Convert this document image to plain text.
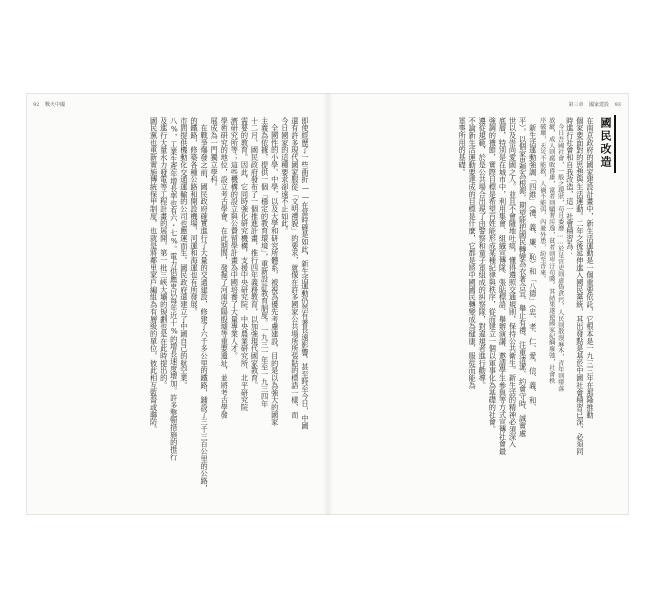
92 戰火中國
即使經歷了一些曲折——在當時確是如此，新生活運動仍然有著長遠影響。甚至時至今日，中國
還有許多現代國家服從「文明禮貌」的要求，就像在許多國家公共場所所張貼的標語一樣，而
今日國家的這種要求卻遠不止如此。
　全國性的小學、中學，以及大學和研究所體系，被視為優先考慮建設，目的是以為強大的國家
主義為依據，提供一個「穩定的教育環境」，重新設計教育制度。一九三一年至一九三四年
十二月，國民政府發布了一個推進計畫，推行四年義務教育，以加強現代國家教育。
需要的教育。因此，它同時強化研究機構，支援中央研究院、中央農業研究所、北平研究院
濟研究所等；這些機構的設立與公費留學計畫為中國培養了大量專業人才。
學術研究的地位，設立考古學會。在此期間，發掘了河南安陽殷墟等重要遺址，並將考古學發
展成為一門獨立學科。
　在戰爭爆發之前，國民政府確實進行了大量的交通建設，修建了六千多公里的鐵路，鋪設了三千三百公里的公路，
的鐵路，修築各種公路和開設機場，河運和海運也有所發展。
市間提供機動化交通運輸的公司也應運而生。國民政府還建立了中國自己的航空業。
八%，工業生產年增長率也有六・七%。電力供應更以每年近十%的增長速度增加。許多整頓措施的推行
及進行大量水力發電等工程計畫的展開，第一批三峽大壩的規劃也是在此時提出的。
國民黨也重新實施傳統保甲制度，也就是將鄰里家戶編組為有層級的單位，彼此相互監督或聯防。
第三章 國家建設 93
國民改造
在南京政府的國家建設計畫中，新生活運動是一個重要依託，它根本是一九三三年在那隆推動
個家要面對的思想與生活運動。二年之後延伸進入國民黨統，其出發點是基於中國社會積習已深，必須同
時進行社會和自我改造，這一社會積習為：
　今日吾國社會，一般之現狀，苟且委靡……於是官吏則虛偽貪污，人民則散漫麻木，青年則墮落
放縱，成人則腐敗昏庸，富者則驕奢淫逸，貧者則卑汙苟賤。其結果遂使國家紀綱廢弛，社會秩
序破壞，天災不能救，人禍不能弭，內憂外患，紛至沓來。
　新生活運動強調「四維」（禮、義、廉、恥）和「八德」（忠、孝、仁、愛、信、義、和、
平），以個家思想為根源，期望能把國民轉變為衣著合宜、舉止有禮、注重清潔、約會守時、誠實處
世以及崇尚愛國之人。並且不會隨地吐痰，懂得遵照交通規則，保持公共衛生。新生活的精神必須深入
底層，特別是在城市中，利用集會、組織宣傳隊、張貼標語、舉辦演講、邀請學生參與等方式宣傳社會最
強調的禮節，實際目標是希望百姓能形成某種紀律與秩序，從而建立一個以軍事化為基礎的社會。
遵從規範，於是公共場合出現了由警察和童子軍組成的糾察隊，對違規者進行勸導。
不論新生活運動要達成的目標是什麼，它都是將中國國民轉變成為健康、服從而能為
軍事所用的基礎。
